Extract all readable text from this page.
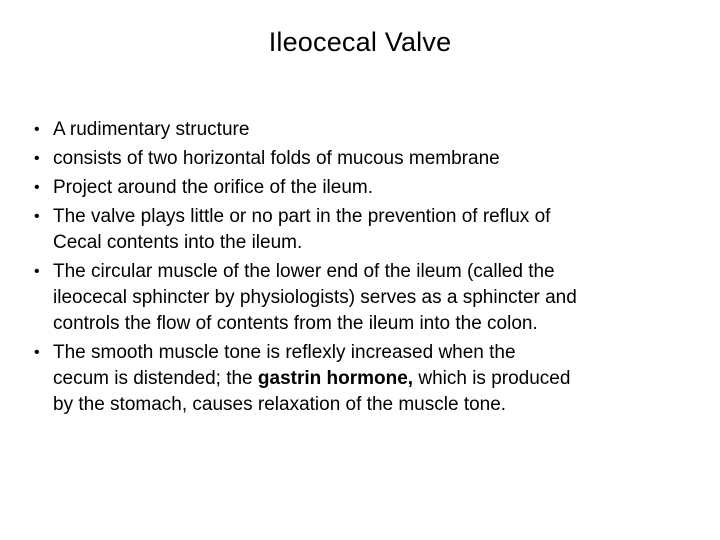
Ileocecal Valve
• A rudimentary structure
• consists of two horizontal folds of mucous membrane
• Project around the orifice of the ileum.
• The valve plays little or no part in the prevention of reflux of
Cecal contents into the ileum.
• The circular muscle of the lower end of the ileum (called the
ileocecal sphincter by physiologists) serves as a sphincter and
controls the flow of contents from the ileum into the colon.
• The smooth muscle tone is reflexly increased when the
cecum is distended; the gastrin hormone, which is produced
by the stomach, causes relaxation of the muscle tone.
